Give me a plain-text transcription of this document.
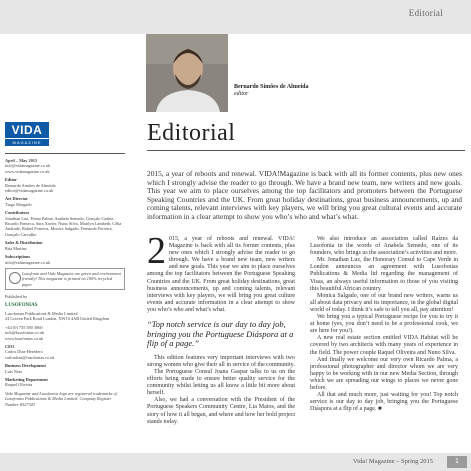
Editorial
Bernardo Simões de Almeida
editor
VIDA
MAGAZINE	Editorial
April – May 2015
info@vidamagazine.co.uk
www.vidamagazine.co.uk
Editor
Bernardo Simões de Almeida
editor@vidamagazine.co.uk
Art Director
Tiago Morgado
Contributors
Jonathan Luz, Telma Palma, Anabela Semedo, Gonçalo Cadete, Ricardo Fonseca, Sara Xavier, Nuno Silva, Marilyn Lambeth, Célia Andrade, Rafael Fonseca, Monica Salgado, Fernando Ferreira, Gonçalo Carvalho
Sales & Distribution
Rita Martins
Subscriptions
info@vidamagazine.co.uk
Lusofonia and Vida Magazine are green and environment friendly! This magazine is printed on 100% recycled paper
Published by
LUSOFONIAS
Lusofonias Publications & Media Limited
24 Craven Park Road London, NW10 4AB United Kingdom
+44 (0) 755 580 3860
info@lusofonias.co.uk
www.lusofonias.co.uk
CEO
Carlos Diaz-Heredero
carlosdiaz@lusofonias.co.uk
Business Development
Luís Neto
Marketing Department
Raquel Oliveira
Vida Magazine and Lusofonias logo are registered trademarks of Lusofonias Publications & Media Limited. Company Register Number 8527343
2015, a year of reboots and renewal. VIDA!Magazine is back with all its former contents, plus new ones which I strongly advise the reader to go through. We have a brand new team, new writers and new goals. This year we aim to place ourselves among the top facilitators and promoters between the Portuguese Speaking Countries and the UK. From great holiday destinations, great business announcements, up and coming talents, relevant interviews with key players, we will bring you great cultural events and accurate information in a clear attempt to show you who’s who and what’s what.

2 015, a year of reboots and renewal. VIDA! Magazine is back with all its former contents, plus new ones which I strongly advise the reader to go through. We have a brand new team, new writers and new goals. This year we aim to place ourselves among the top facilitators between the Portuguese Speaking Countries and the UK. From great holiday destinations, great business announcements, up and coming talents, relevant interviews with key players, we will bring you great culture events and accurate information in a clear attempt to show you who’s who and what’s what.

“Top notch service is our day to day job, bringing you the Portuguese Diáspora at a flip of a page.”

This edition features very important interviews with two strong women who give their all in service of the community.

The Portuguese Consul Joana Gaspar talks to us on the efforts being made to ensure better quality service for the community whilst letting us all know a little bit more about herself.

Also, we had a conversation with the President of the Portuguese Speakers Community Centre, Lia Matos, and the story of how it all began, and where and how her bold project stands today.

We also introduce an association called Raízes da Lusofonia in the words of Anabela Semedo, one of its founders, who brings us the association’s activities and more.

Mr. Jonathan Luz, the Honorary Consul to Cape Verde in London announces an agreement with Lusofonias Publications & Media ltd regarding the management of Visas, an always useful information to those of you visiting this beautiful African country.

Monica Salgado, one of our brand new writers, warns us all about data privacy and its importance, in the global digital world of today. I think it’s safe to tell you all, pay attention!

We bring you a typical Portuguese recipe for you to try it at home (yes, you don’t need to be a professional cook, we are here for you!).

A new real estate section entitled VIDA Habitat will be covered by two architects with many years of experience in the field. The power couple Raquel Oliveira and Nuno Silva.

And finally we welcome our very own Ricardo Palma, a professional photographer and director whom we are very happy to be working with in our new Media Section, through which we are spreading our wings to places we never gone before.

All that and much more, just waiting for you! Top notch service is our day to day job, bringing you the Portuguese Diáspora at a flip of a page. ■

Vida! Magazine – Spring 2015	1
